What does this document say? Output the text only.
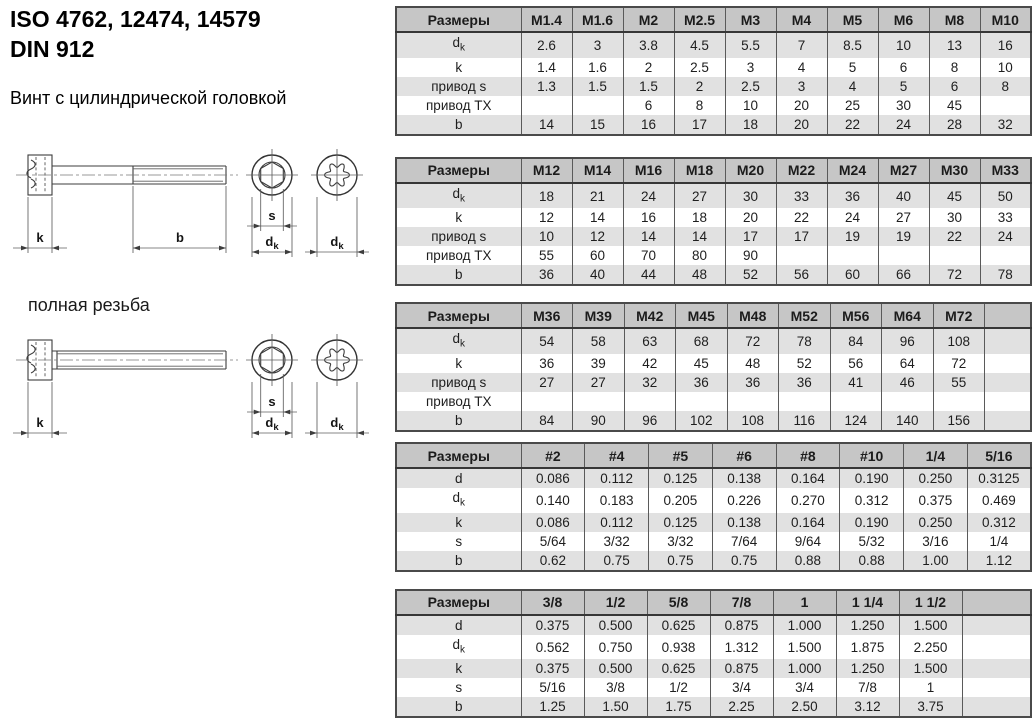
ISO 4762, 12474, 14579
DIN 912
Винт с цилиндрической головкой
k	b
s
$d_k$	$d_k$
полная резьба
k
s
$d_k$	$d_k$
Размеры	M1.4	M1.6	M2	M2.5	M3	M4	M5	M6	M8	M10
$d_k$	2.6	3	3.8	4.5	5.5	7	8.5	10	13	16
k	1.4	1.6	2	2.5	3	4	5	6	8	10
привод s	1.3	1.5	1.5	2	2.5	3	4	5	6	8
привод TX			6	8	10	20	25	30	45	
b	14	15	16	17	18	20	22	24	28	32
Размеры	M12	M14	M16	M18	M20	M22	M24	M27	M30	M33
$d_k$	18	21	24	27	30	33	36	40	45	50
k	12	14	16	18	20	22	24	27	30	33
привод s	10	12	14	14	17	17	19	19	22	24
привод TX	55	60	70	80	90					
b	36	40	44	48	52	56	60	66	72	78
Размеры	M36	M39	M42	M45	M48	M52	M56	M64	M72	
$d_k$	54	58	63	68	72	78	84	96	108	
k	36	39	42	45	48	52	56	64	72	
привод s	27	27	32	36	36	36	41	46	55	
привод TX										
b	84	90	96	102	108	116	124	140	156	
Размеры	#2	#4	#5	#6	#8	#10	1/4	5/16
d	0.086	0.112	0.125	0.138	0.164	0.190	0.250	0.3125
$d_k$	0.140	0.183	0.205	0.226	0.270	0.312	0.375	0.469
k	0.086	0.112	0.125	0.138	0.164	0.190	0.250	0.312
s	5/64	3/32	3/32	7/64	9/64	5/32	3/16	1/4
b	0.62	0.75	0.75	0.75	0.88	0.88	1.00	1.12
Размеры	3/8	1/2	5/8	7/8	1	1 1/4	1 1/2	
d	0.375	0.500	0.625	0.875	1.000	1.250	1.500	
$d_k$	0.562	0.750	0.938	1.312	1.500	1.875	2.250	
k	0.375	0.500	0.625	0.875	1.000	1.250	1.500	
s	5/16	3/8	1/2	3/4	3/4	7/8	1	
b	1.25	1.50	1.75	2.25	2.50	3.12	3.75	
